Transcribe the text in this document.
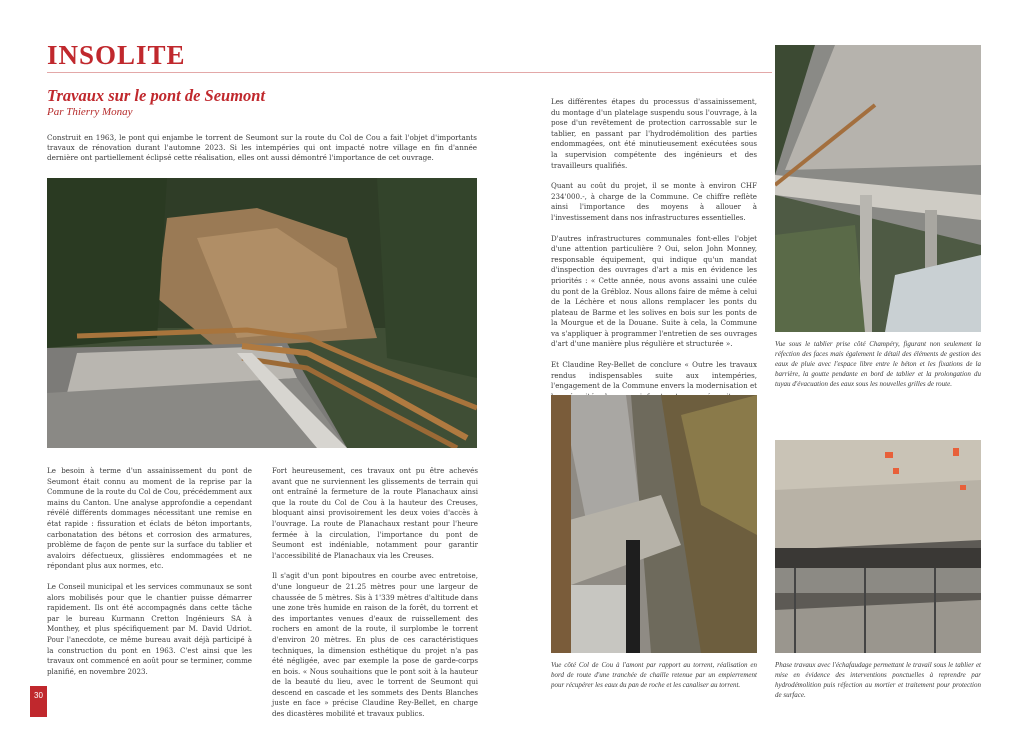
INSOLITE
Travaux sur le pont de Seumont
Par Thierry Monay

Construit en 1963, le pont qui enjambe le torrent de Seumont sur la route du Col de Cou a fait l'objet d'importants travaux de rénovation durant l'automne 2023. Si les intempéries qui ont impacté notre village en fin d'année dernière ont partiellement éclipsé cette réalisation, elles ont aussi démontré l'importance de cet ouvrage.

Le besoin à terme d'un assainissement du pont de Seumont était connu au moment de la reprise par la Commune de la route du Col de Cou, précédemment aux mains du Canton. Une analyse approfondie a cependant révélé différents dommages nécessitant une remise en état rapide : fissuration et éclats de béton importants, carbonatation des bétons et corrosion des armatures, problème de façon de pente sur la surface du tablier et avaloirs défectueux, glissières endommagées et ne répondant plus aux normes, etc.

Le Conseil municipal et les services communaux se sont alors mobilisés pour que le chantier puisse démarrer rapidement. Ils ont été accompagnés dans cette tâche par le bureau Kurmann Cretton Ingénieurs SA à Monthey, et plus spécifiquement par M. David Udriot. Pour l'anecdote, ce même bureau avait déjà participé à la construction du pont en 1963. C'est ainsi que les travaux ont commencé en août pour se terminer, comme planifié, en novembre 2023.

Fort heureusement, ces travaux ont pu être achevés avant que ne surviennent les glissements de terrain qui ont entraîné la fermeture de la route Planachaux ainsi que la route du Col de Cou à la hauteur des Creuses, bloquant ainsi provisoirement les deux voies d'accès à l'ouvrage. La route de Planachaux restant pour l'heure fermée à la circulation, l'importance du pont de Seumont est indéniable, notamment pour garantir l'accessibilité de Planachaux via les Creuses.

Il s'agit d'un pont bipoutres en courbe avec entretoise, d'une longueur de 21.25 mètres pour une largeur de chaussée de 5 mètres. Sis à 1'339 mètres d'altitude dans une zone très humide en raison de la forêt, du torrent et des importantes venues d'eaux de ruissellement des rochers en amont de la route, il surplombe le torrent d'environ 20 mètres. En plus de ces caractéristiques techniques, la dimension esthétique du projet n'a pas été négligée, avec par exemple la pose de garde-corps en bois. « Nous souhaitions que le pont soit à la hauteur de la beauté du lieu, avec le torrent de Seumont qui descend en cascade et les sommets des Dents Blanches juste en face » précise Claudine Rey-Bellet, en charge des dicastères mobilité et travaux publics.

Les différentes étapes du processus d'assainissement, du montage d'un platelage suspendu sous l'ouvrage, à la pose d'un revêtement de protection carrossable sur le tablier, en passant par l'hydrodémolition des parties endommagées, ont été minutieusement exécutées sous la supervision compétente des ingénieurs et des travailleurs qualifiés.

Quant au coût du projet, il se monte à environ CHF 234'000.-, à charge de la Commune. Ce chiffre reflète ainsi l'importance des moyens à allouer à l'investissement dans nos infrastructures essentielles.

D'autres infrastructures communales font-elles l'objet d'une attention particulière ? Oui, selon John Monney, responsable équipement, qui indique qu'un mandat d'inspection des ouvrages d'art a mis en évidence les priorités : « Cette année, nous avons assaini une culée du pont de la Grébloz. Nous allons faire de même à celui de la Léchère et nous allons remplacer les ponts du plateau de Barme et les solives en bois sur les ponts de la Mourgue et de la Douane. Suite à cela, la Commune va s'appliquer à programmer l'entretien de ses ouvrages d'art d'une manière plus régulière et structurée ».

Et Claudine Rey-Bellet de conclure « Outre les travaux rendus indispensables suite aux intempéries, l'engagement de la Commune envers la modernisation et

Vue sous le tablier prise côté Champéry, figurant non seulement la réfection des faces mais également le détail des éléments de gestion des eaux de pluie avec l'espace libre entre le béton et les fixations de la barrière, la goutte pendante en bord de tablier et la prolongation du tuyau d'évacuation des eaux sous les nouvelles grilles de route.

Vue côté Col de Cou à l'amont par rapport au torrent, réalisation en bord de route d'une tranchée de chaille retenue par un empierrement pour récupérer les eaux du pan de roche et les canaliser au torrent.

Phase travaux avec l'échafaudage permettant le travail sous le tablier et mise en évidence des interventions ponctuelles à reprendre par hydrodémolition puis réfection au mortier et traitement pour protection de surface.

30
